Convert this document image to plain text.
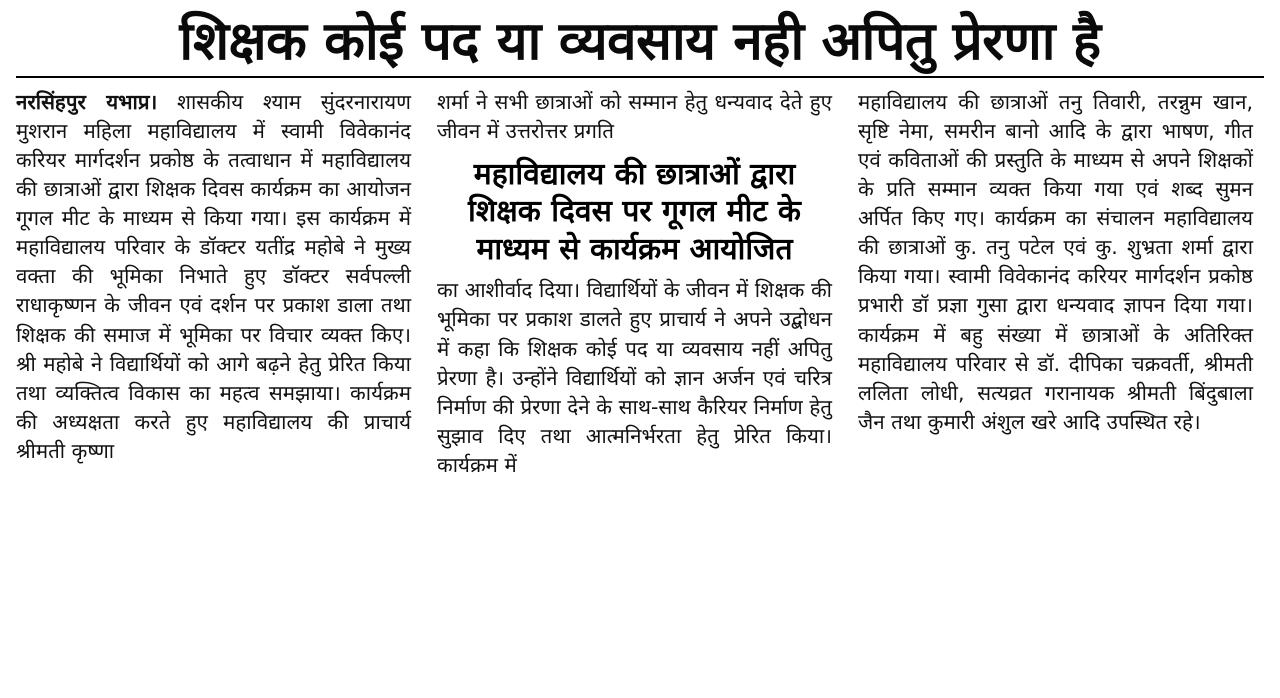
शिक्षक कोई पद या व्यवसाय नही अपितु प्रेरणा है

नरसिंहपुर यभाप्र। शासकीय श्याम सुंदरनारायण मुशरान महिला महाविद्यालय में स्वामी विवेकानंद करियर मार्गदर्शन प्रकोष्ठ के तत्वाधान में महाविद्यालय की छात्राओं द्वारा शिक्षक दिवस कार्यक्रम का आयोजन गूगल मीट के माध्यम से किया गया। इस कार्यक्रम में महाविद्यालय परिवार के डॉक्टर यतींद्र महोबे ने मुख्य वक्ता की भूमिका निभाते हुए डॉक्टर सर्वपल्ली राधाकृष्णन के जीवन एवं दर्शन पर प्रकाश डाला तथा शिक्षक की समाज में भूमिका पर विचार व्यक्त किए। श्री महोबे ने विद्यार्थियों को आगे बढ़ने हेतु प्रेरित किया तथा व्यक्तित्व विकास का महत्व समझाया। कार्यक्रम की अध्यक्षता करते हुए महाविद्यालय की प्राचार्य श्रीमती कृष्णा

शर्मा ने सभी छात्राओं को सम्मान हेतु धन्यवाद देते हुए जीवन में उत्तरोत्तर प्रगति

महाविद्यालय की छात्राओं द्वारा शिक्षक दिवस पर गूगल मीट के माध्यम से कार्यक्रम आयोजित

का आशीर्वाद दिया। विद्यार्थियों के जीवन में शिक्षक की भूमिका पर प्रकाश डालते हुए प्राचार्य ने अपने उद्बोधन में कहा कि शिक्षक कोई पद या व्यवसाय नहीं अपितु प्रेरणा है। उन्होंने विद्यार्थियों को ज्ञान अर्जन एवं चरित्र निर्माण की प्रेरणा देने के साथ-साथ कैरियर निर्माण हेतु सुझाव दिए तथा आत्मनिर्भरता हेतु प्रेरित किया। कार्यक्रम में

महाविद्यालय की छात्राओं तनु तिवारी, तरन्नुम खान, सृष्टि नेमा, समरीन बानो आदि के द्वारा भाषण, गीत एवं कविताओं की प्रस्तुति के माध्यम से अपने शिक्षकों के प्रति सम्मान व्यक्त किया गया एवं शब्द सुमन अर्पित किए गए। कार्यक्रम का संचालन महाविद्यालय की छात्राओं कु. तनु पटेल एवं कु. शुभ्रता शर्मा द्वारा किया गया। स्वामी विवेकानंद करियर मार्गदर्शन प्रकोष्ठ प्रभारी डॉ प्रज्ञा गुसा द्वारा धन्यवाद ज्ञापन दिया गया। कार्यक्रम में बहु संख्या में छात्राओं के अतिरिक्त महाविद्यालय परिवार से डॉ. दीपिका चक्रवर्ती, श्रीमती ललिता लोधी, सत्यव्रत गरानायक श्रीमती बिंदुबाला जैन तथा कुमारी अंशुल खरे आदि उपस्थित रहे।
